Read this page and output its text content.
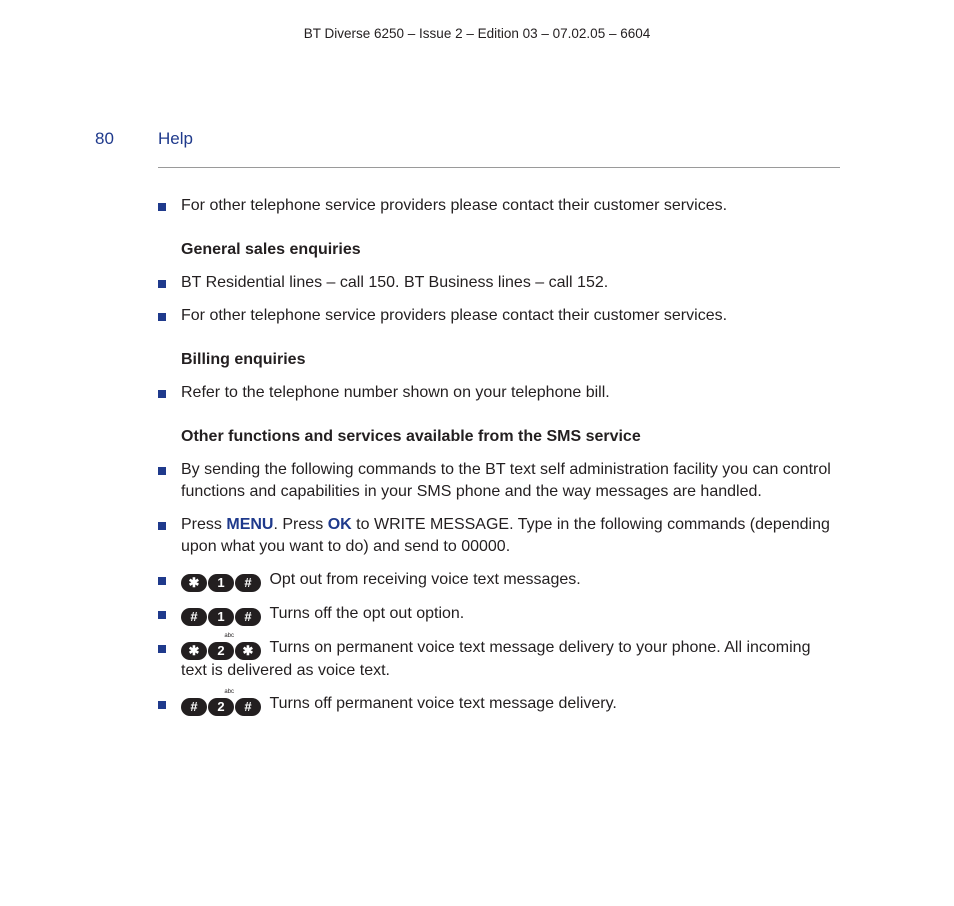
BT Diverse 6250 – Issue 2 – Edition 03 – 07.02.05 – 6604
80	Help
For other telephone service providers please contact their customer services.
General sales enquiries
BT Residential lines – call 150. BT Business lines – call 152.
For other telephone service providers please contact their customer services.
Billing enquiries
Refer to the telephone number shown on your telephone bill.
Other functions and services available from the SMS service
By sending the following commands to the BT text self administration facility you can control functions and capabilities in your SMS phone and the way messages are handled.
Press MENU. Press OK to WRITE MESSAGE. Type in the following commands (depending upon what you want to do) and send to 00000.
✱ 1 # Opt out from receiving voice text messages.
# 1 # Turns off the opt out option.
✱ 2
abc
✱ Turns on permanent voice text message delivery to your phone. All incoming text is delivered as voice text.
# 2
abc
# Turns off permanent voice text message delivery.
